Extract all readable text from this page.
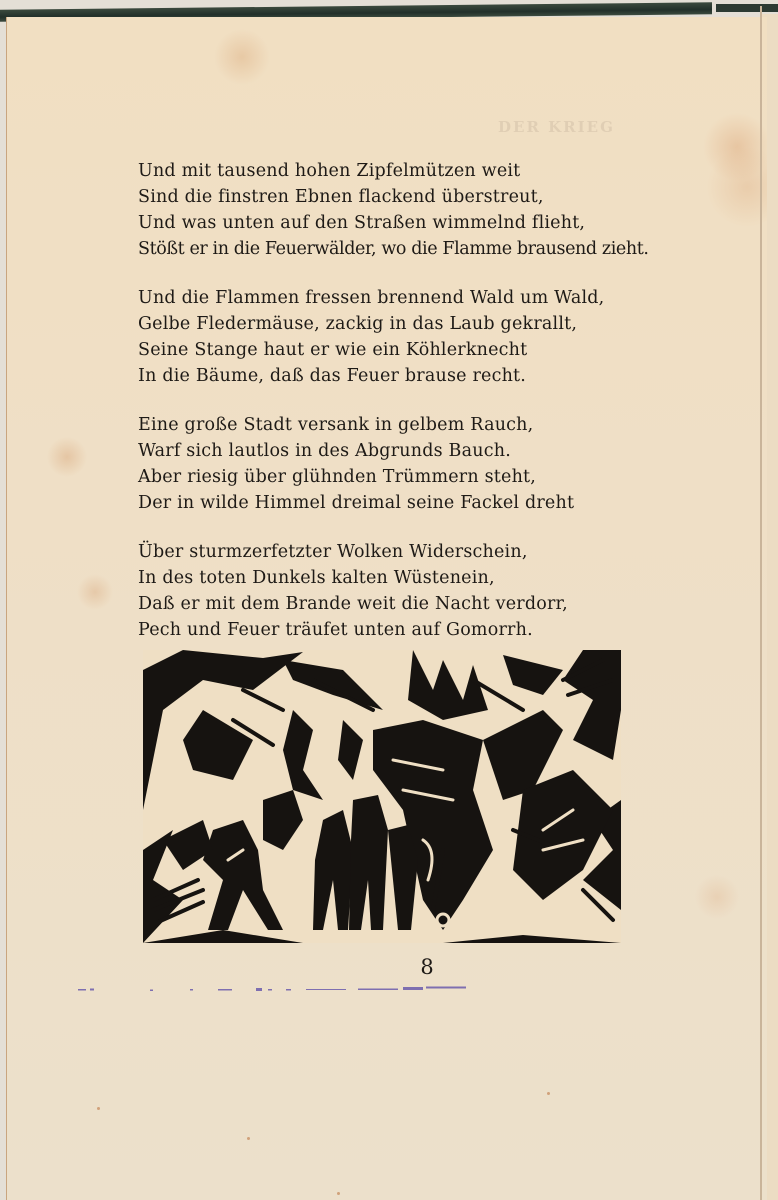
DER KRIEG
Und mit tausend hohen Zipfelmützen weit
Sind die finstren Ebnen flackend überstreut,
Und was unten auf den Straßen wimmelnd flieht,
Stößt er in die Feuerwälder, wo die Flamme brausend zieht.
Und die Flammen fressen brennend Wald um Wald,
Gelbe Fledermäuse, zackig in das Laub gekrallt,
Seine Stange haut er wie ein Köhlerknecht
In die Bäume, daß das Feuer brause recht.
Eine große Stadt versank in gelbem Rauch,
Warf sich lautlos in des Abgrunds Bauch.
Aber riesig über glühnden Trümmern steht,
Der in wilde Himmel dreimal seine Fackel dreht
Über sturmzerfetzter Wolken Widerschein,
In des toten Dunkels kalten Wüstenein,
Daß er mit dem Brande weit die Nacht verdorr,
Pech und Feuer träufet unten auf Gomorrh.
8
